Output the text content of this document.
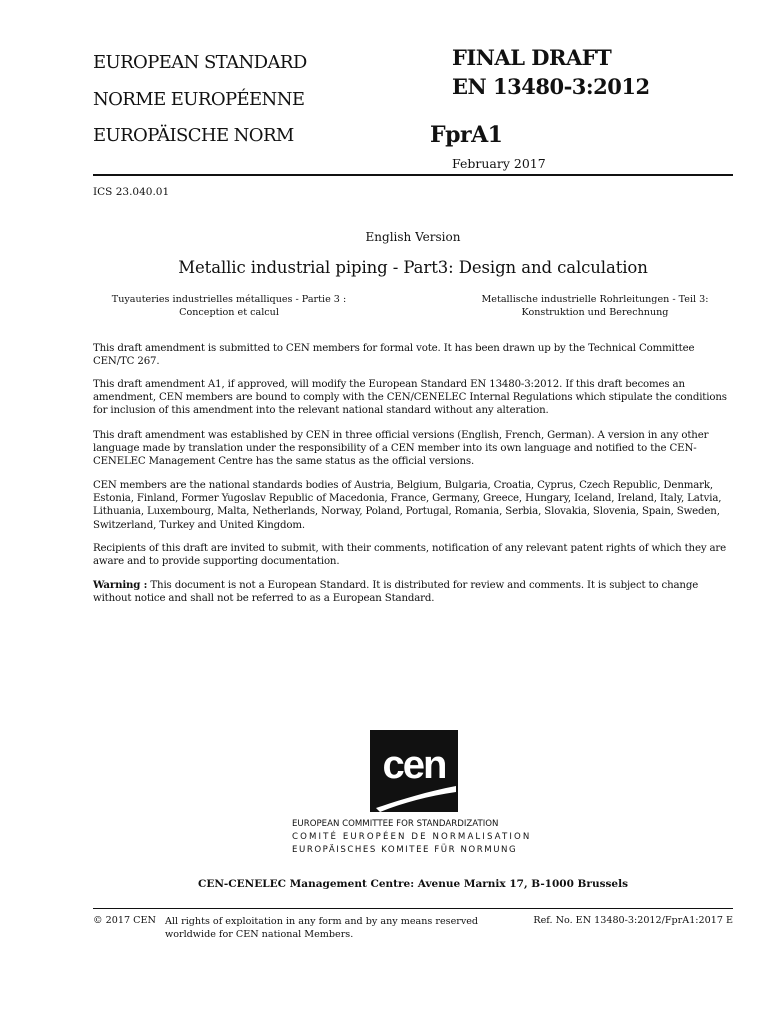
EUROPEAN STANDARD
NORME EUROPÉENNE
EUROPÄISCHE NORM
FINAL DRAFT
EN 13480-3:2012
FprA1
February 2017
ICS 23.040.01
English Version
Metallic industrial piping - Part3: Design and calculation
Tuyauteries industrielles métalliques - Partie 3 :
Conception et calcul
Metallische industrielle Rohrleitungen - Teil 3:
Konstruktion und Berechnung

This draft amendment is submitted to CEN members for formal vote. It has been drawn up by the Technical Committee CEN/TC 267.

This draft amendment A1, if approved, will modify the European Standard EN 13480-3:2012. If this draft becomes an amendment, CEN members are bound to comply with the CEN/CENELEC Internal Regulations which stipulate the conditions for inclusion of this amendment into the relevant national standard without any alteration.

This draft amendment was established by CEN in three official versions (English, French, German). A version in any other language made by translation under the responsibility of a CEN member into its own language and notified to the CEN-CENELEC Management Centre has the same status as the official versions.

CEN members are the national standards bodies of Austria, Belgium, Bulgaria, Croatia, Cyprus, Czech Republic, Denmark, Estonia, Finland, Former Yugoslav Republic of Macedonia, France, Germany, Greece, Hungary, Iceland, Ireland, Italy, Latvia, Lithuania, Luxembourg, Malta, Netherlands, Norway, Poland, Portugal, Romania, Serbia, Slovakia, Slovenia, Spain, Sweden, Switzerland, Turkey and United Kingdom.

Recipients of this draft are invited to submit, with their comments, notification of any relevant patent rights of which they are aware and to provide supporting documentation.

Warning : This document is not a European Standard. It is distributed for review and comments. It is subject to change without notice and shall not be referred to as a European Standard.

cen
EUROPEAN COMMITTEE FOR STANDARDIZATION
COMITÉ EUROPÉEN DE NORMALISATION
EUROPÄISCHES KOMITEE FÜR NORMUNG
CEN-CENELEC Management Centre: Avenue Marnix 17, B-1000 Brussels
© 2017 CEN All rights of exploitation in any form and by any means reserved
worldwide for CEN national Members.
Ref. No. EN 13480-3:2012/FprA1:2017 E
